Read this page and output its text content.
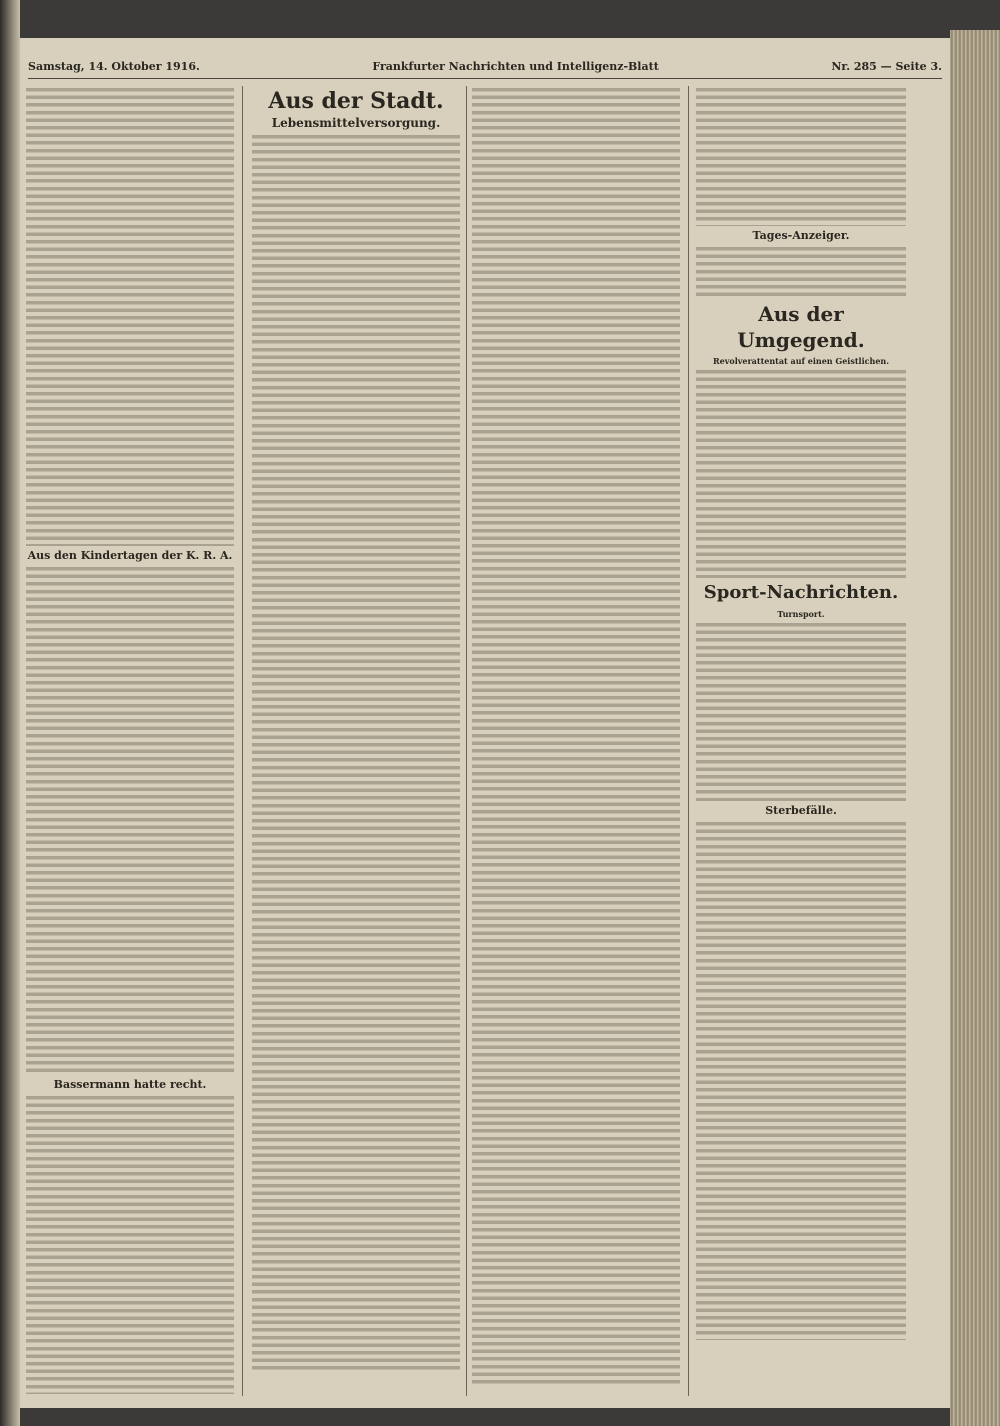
Samstag, 14. Oktober 1916.	Frankfurter Nachrichten und Intelligenz-Blatt	Nr. 285 — Seite 3.
Aus den Kindertagen der K. R. A.
Bassermann hatte recht.
Aus der Stadt.
Lebensmittelversorgung.
Tages-Anzeiger.
Aus der Umgegend.
Revolverattentat auf einen Geistlichen.
Sport-Nachrichten.
Turnsport.
Sterbefälle.
